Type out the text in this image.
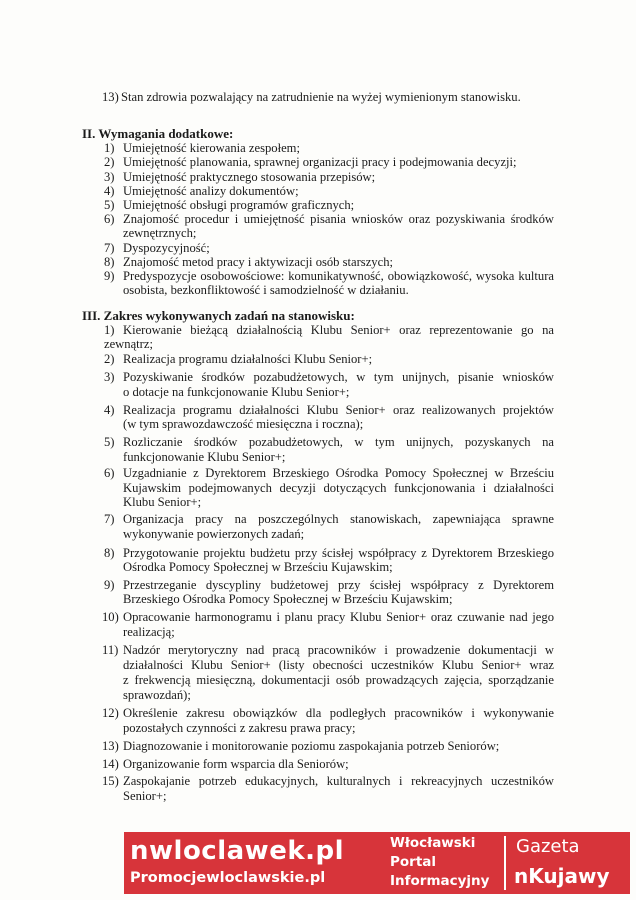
13) Stan zdrowia pozwalający na zatrudnienie na wyżej wymienionym stanowisku.
II. Wymagania dodatkowe:
1) Umiejętność kierowania zespołem;
2) Umiejętność planowania, sprawnej organizacji pracy i podejmowania decyzji;
3) Umiejętność praktycznego stosowania przepisów;
4) Umiejętność analizy dokumentów;
5) Umiejętność obsługi programów graficznych;
6) Znajomość procedur i umiejętność pisania wniosków oraz pozyskiwania środków
zewnętrznych;
7) Dyspozycyjność;
8) Znajomość metod pracy i aktywizacji osób starszych;
9) Predyspozycje osobowościowe: komunikatywność, obowiązkowość, wysoka kultura
osobista, bezkonfliktowość i samodzielność w działaniu.
III. Zakres wykonywanych zadań na stanowisku:
1) Kierowanie bieżącą działalnością Klubu Senior+ oraz reprezentowanie go na
zewnątrz;
2) Realizacja programu działalności Klubu Senior+;
3) Pozyskiwanie środków pozabudżetowych, w tym unijnych, pisanie wniosków
o dotacje na funkcjonowanie Klubu Senior+;
4) Realizacja programu działalności Klubu Senior+ oraz realizowanych projektów
(w tym sprawozdawczość miesięczna i roczna);
5) Rozliczanie środków pozabudżetowych, w tym unijnych, pozyskanych na
funkcjonowanie Klubu Senior+;
6) Uzgadnianie z Dyrektorem Brzeskiego Ośrodka Pomocy Społecznej w Brześciu
Kujawskim podejmowanych decyzji dotyczących funkcjonowania i działalności
Klubu Senior+;
7) Organizacja pracy na poszczególnych stanowiskach, zapewniająca sprawne
wykonywanie powierzonych zadań;
8) Przygotowanie projektu budżetu przy ścisłej współpracy z Dyrektorem Brzeskiego
Ośrodka Pomocy Społecznej w Brześciu Kujawskim;
9) Przestrzeganie dyscypliny budżetowej przy ścisłej współpracy z Dyrektorem
Brzeskiego Ośrodka Pomocy Społecznej w Brześciu Kujawskim;
10) Opracowanie harmonogramu i planu pracy Klubu Senior+ oraz czuwanie nad jego
realizacją;
11) Nadzór merytoryczny nad pracą pracowników i prowadzenie dokumentacji w
działalności Klubu Senior+ (listy obecności uczestników Klubu Senior+ wraz
z frekwencją miesięczną, dokumentacji osób prowadzących zajęcia, sporządzanie
sprawozdań);
12) Określenie zakresu obowiązków dla podległych pracowników i wykonywanie
pozostałych czynności z zakresu prawa pracy;
13) Diagnozowanie i monitorowanie poziomu zaspokajania potrzeb Seniorów;
14) Organizowanie form wsparcia dla Seniorów;
15) Zaspokajanie potrzeb edukacyjnych, kulturalnych i rekreacyjnych uczestników
Senior+;
nwloclawek.pl
Promocjewloclawskie.pl
Włocławski
Portal
Informacyjny
Gazeta
nKujawy
